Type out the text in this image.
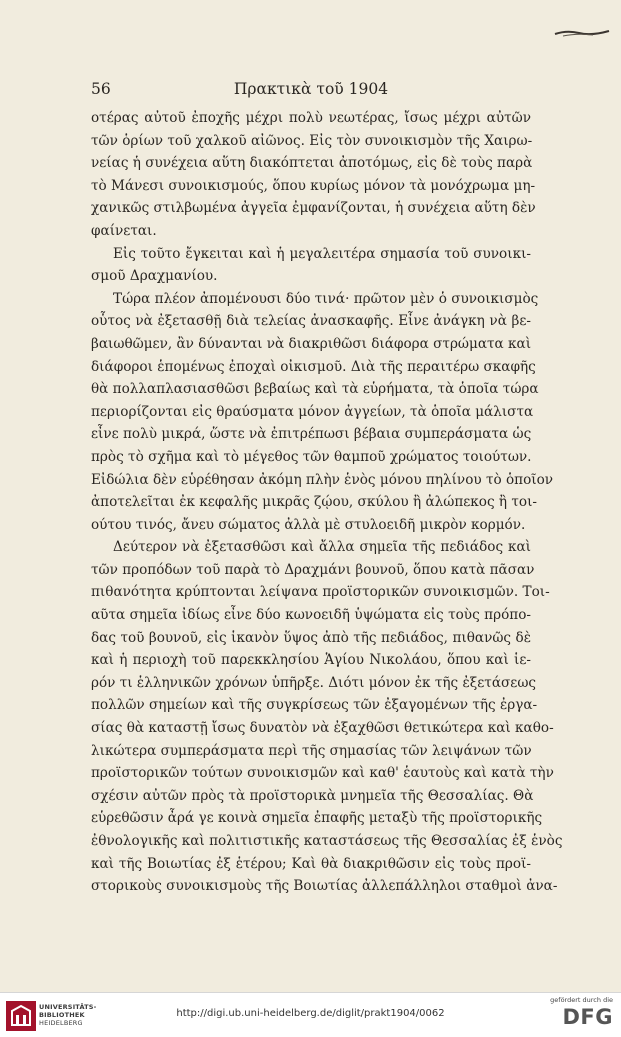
56	Πρακτικὰ τοῦ 1904
οτέρας αὐτοῦ ἐποχῆς μέχρι πολὺ νεωτέρας, ἴσως μέχρι αὐτῶν
τῶν ὁρίων τοῦ χαλκοῦ αἰῶνος. Εἰς τὸν συνοικισμὸν τῆς Χαιρω-
νείας ἡ συνέχεια αὕτη διακόπτεται ἀποτόμως, εἰς δὲ τοὺς παρὰ
τὸ Μάνεσι συνοικισμούς, ὅπου κυρίως μόνον τὰ μονόχρωμα μη-
χανικῶς στιλβωμένα ἀγγεῖα ἐμφανίζονται, ἡ συνέχεια αὕτη δὲν
φαίνεται.
Εἰς τοῦτο ἔγκειται καὶ ἡ μεγαλειτέρα σημασία τοῦ συνοικι-
σμοῦ Δραχμανίου.
Τώρα πλέον ἀπομένουσι δύο τινά· πρῶτον μὲν ὁ συνοικισμὸς
οὗτος νὰ ἐξετασθῇ διὰ τελείας ἀνασκαφῆς. Εἶνε ἀνάγκη νὰ βε-
βαιωθῶμεν, ἂν δύνανται νὰ διακριθῶσι διάφορα στρώματα καὶ
διάφοροι ἑπομένως ἐποχαὶ οἰκισμοῦ. Διὰ τῆς περαιτέρω σκαφῆς
θὰ πολλαπλασιασθῶσι βεβαίως καὶ τὰ εὑρήματα, τὰ ὁποῖα τώρα
περιορίζονται εἰς θραύσματα μόνον ἀγγείων, τὰ ὁποῖα μάλιστα
εἶνε πολὺ μικρά, ὥστε νὰ ἐπιτρέπωσι βέβαια συμπεράσματα ὡς
πρὸς τὸ σχῆμα καὶ τὸ μέγεθος τῶν θαμποῦ χρώματος τοιούτων.
Εἰδώλια δὲν εὑρέθησαν ἀκόμη πλὴν ἑνὸς μόνου πηλίνου τὸ ὁποῖον
ἀποτελεῖται ἐκ κεφαλῆς μικρᾶς ζῴου, σκύλου ἢ ἀλώπεκος ἢ τοι-
ούτου τινός, ἄνευ σώματος ἀλλὰ μὲ στυλοειδῆ μικρὸν κορμόν.
Δεύτερον νὰ ἐξετασθῶσι καὶ ἄλλα σημεῖα τῆς πεδιάδος καὶ
τῶν προπόδων τοῦ παρὰ τὸ Δραχμάνι βουνοῦ, ὅπου κατὰ πᾶσαν
πιθανότητα κρύπτονται λείψανα προϊστορικῶν συνοικισμῶν. Τοι-
αῦτα σημεῖα ἰδίως εἶνε δύο κωνοειδῆ ὑψώματα εἰς τοὺς πρόπο-
δας τοῦ βουνοῦ, εἰς ἱκανὸν ὕψος ἀπὸ τῆς πεδιάδος, πιθανῶς δὲ
καὶ ἡ περιοχὴ τοῦ παρεκκλησίου Ἁγίου Νικολάου, ὅπου καὶ ἱε-
ρόν τι ἑλληνικῶν χρόνων ὑπῆρξε. Διότι μόνον ἐκ τῆς ἐξετάσεως
πολλῶν σημείων καὶ τῆς συγκρίσεως τῶν ἐξαγομένων τῆς ἐργα-
σίας θὰ καταστῇ ἴσως δυνατὸν νὰ ἐξαχθῶσι θετικώτερα καὶ καθο-
λικώτερα συμπεράσματα περὶ τῆς σημασίας τῶν λειψάνων τῶν
προϊστορικῶν τούτων συνοικισμῶν καὶ καθ' ἑαυτοὺς καὶ κατὰ τὴν
σχέσιν αὐτῶν πρὸς τὰ προϊστορικὰ μνημεῖα τῆς Θεσσαλίας. Θὰ
εὑρεθῶσιν ἆρά γε κοινὰ σημεῖα ἐπαφῆς μεταξὺ τῆς προϊστορικῆς
ἐθνολογικῆς καὶ πολιτιστικῆς καταστάσεως τῆς Θεσσαλίας ἐξ ἑνὸς
καὶ τῆς Βοιωτίας ἐξ ἑτέρου; Καὶ θὰ διακριθῶσιν εἰς τοὺς προϊ-
στορικοὺς συνοικισμοὺς τῆς Βοιωτίας ἀλλεπάλληλοι σταθμοὶ ἀνα-
UNIVERSITÄTS-
BIBLIOTHEK
HEIDELBERG
http://digi.ub.uni-heidelberg.de/diglit/prakt1904/0062
gefördert durch die
DFG
